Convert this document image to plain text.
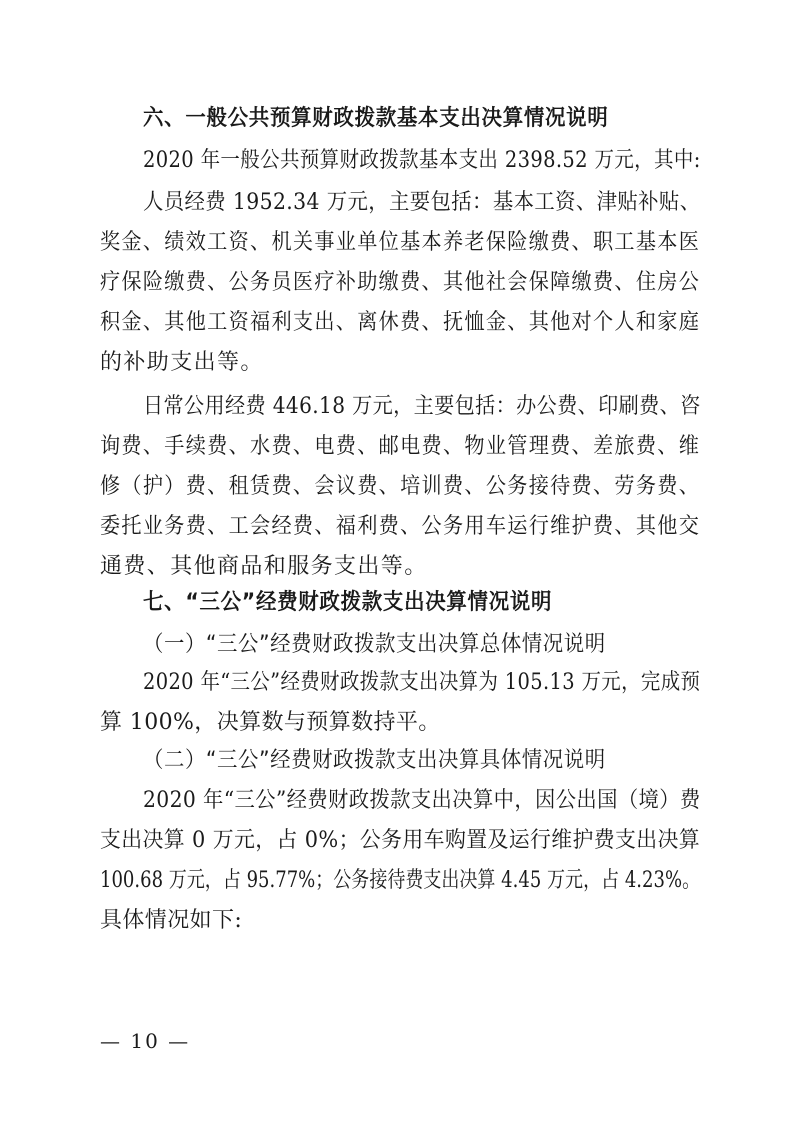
六、一般公共预算财政拨款基本支出决算情况说明
2020 年一般公共预算财政拨款基本支出 2398.52 万元，其中:
人员经费 1952.34 万元，主要包括：基本工资、津贴补贴、
奖金、绩效工资、机关事业单位基本养老保险缴费、职工基本医
疗保险缴费、公务员医疗补助缴费、其他社会保障缴费、住房公
积金、其他工资福利支出、离休费、抚恤金、其他对个人和家庭
的补助支出等。
日常公用经费 446.18 万元，主要包括：办公费、印刷费、咨
询费、手续费、水费、电费、邮电费、物业管理费、差旅费、维
修（护）费、租赁费、会议费、培训费、公务接待费、劳务费、
委托业务费、工会经费、福利费、公务用车运行维护费、其他交
通费、其他商品和服务支出等。
七、“三公”经费财政拨款支出决算情况说明
（一）“三公”经费财政拨款支出决算总体情况说明
2020 年“三公”经费财政拨款支出决算为 105.13 万元，完成预
算 100%，决算数与预算数持平。
（二）“三公”经费财政拨款支出决算具体情况说明
2020 年“三公”经费财政拨款支出决算中，因公出国（境）费
支出决算 0 万元，占 0%；公务用车购置及运行维护费支出决算
100.68 万元，占 95.77%；公务接待费支出决算 4.45 万元，占 4.23%。
具体情况如下:
— 10 —
